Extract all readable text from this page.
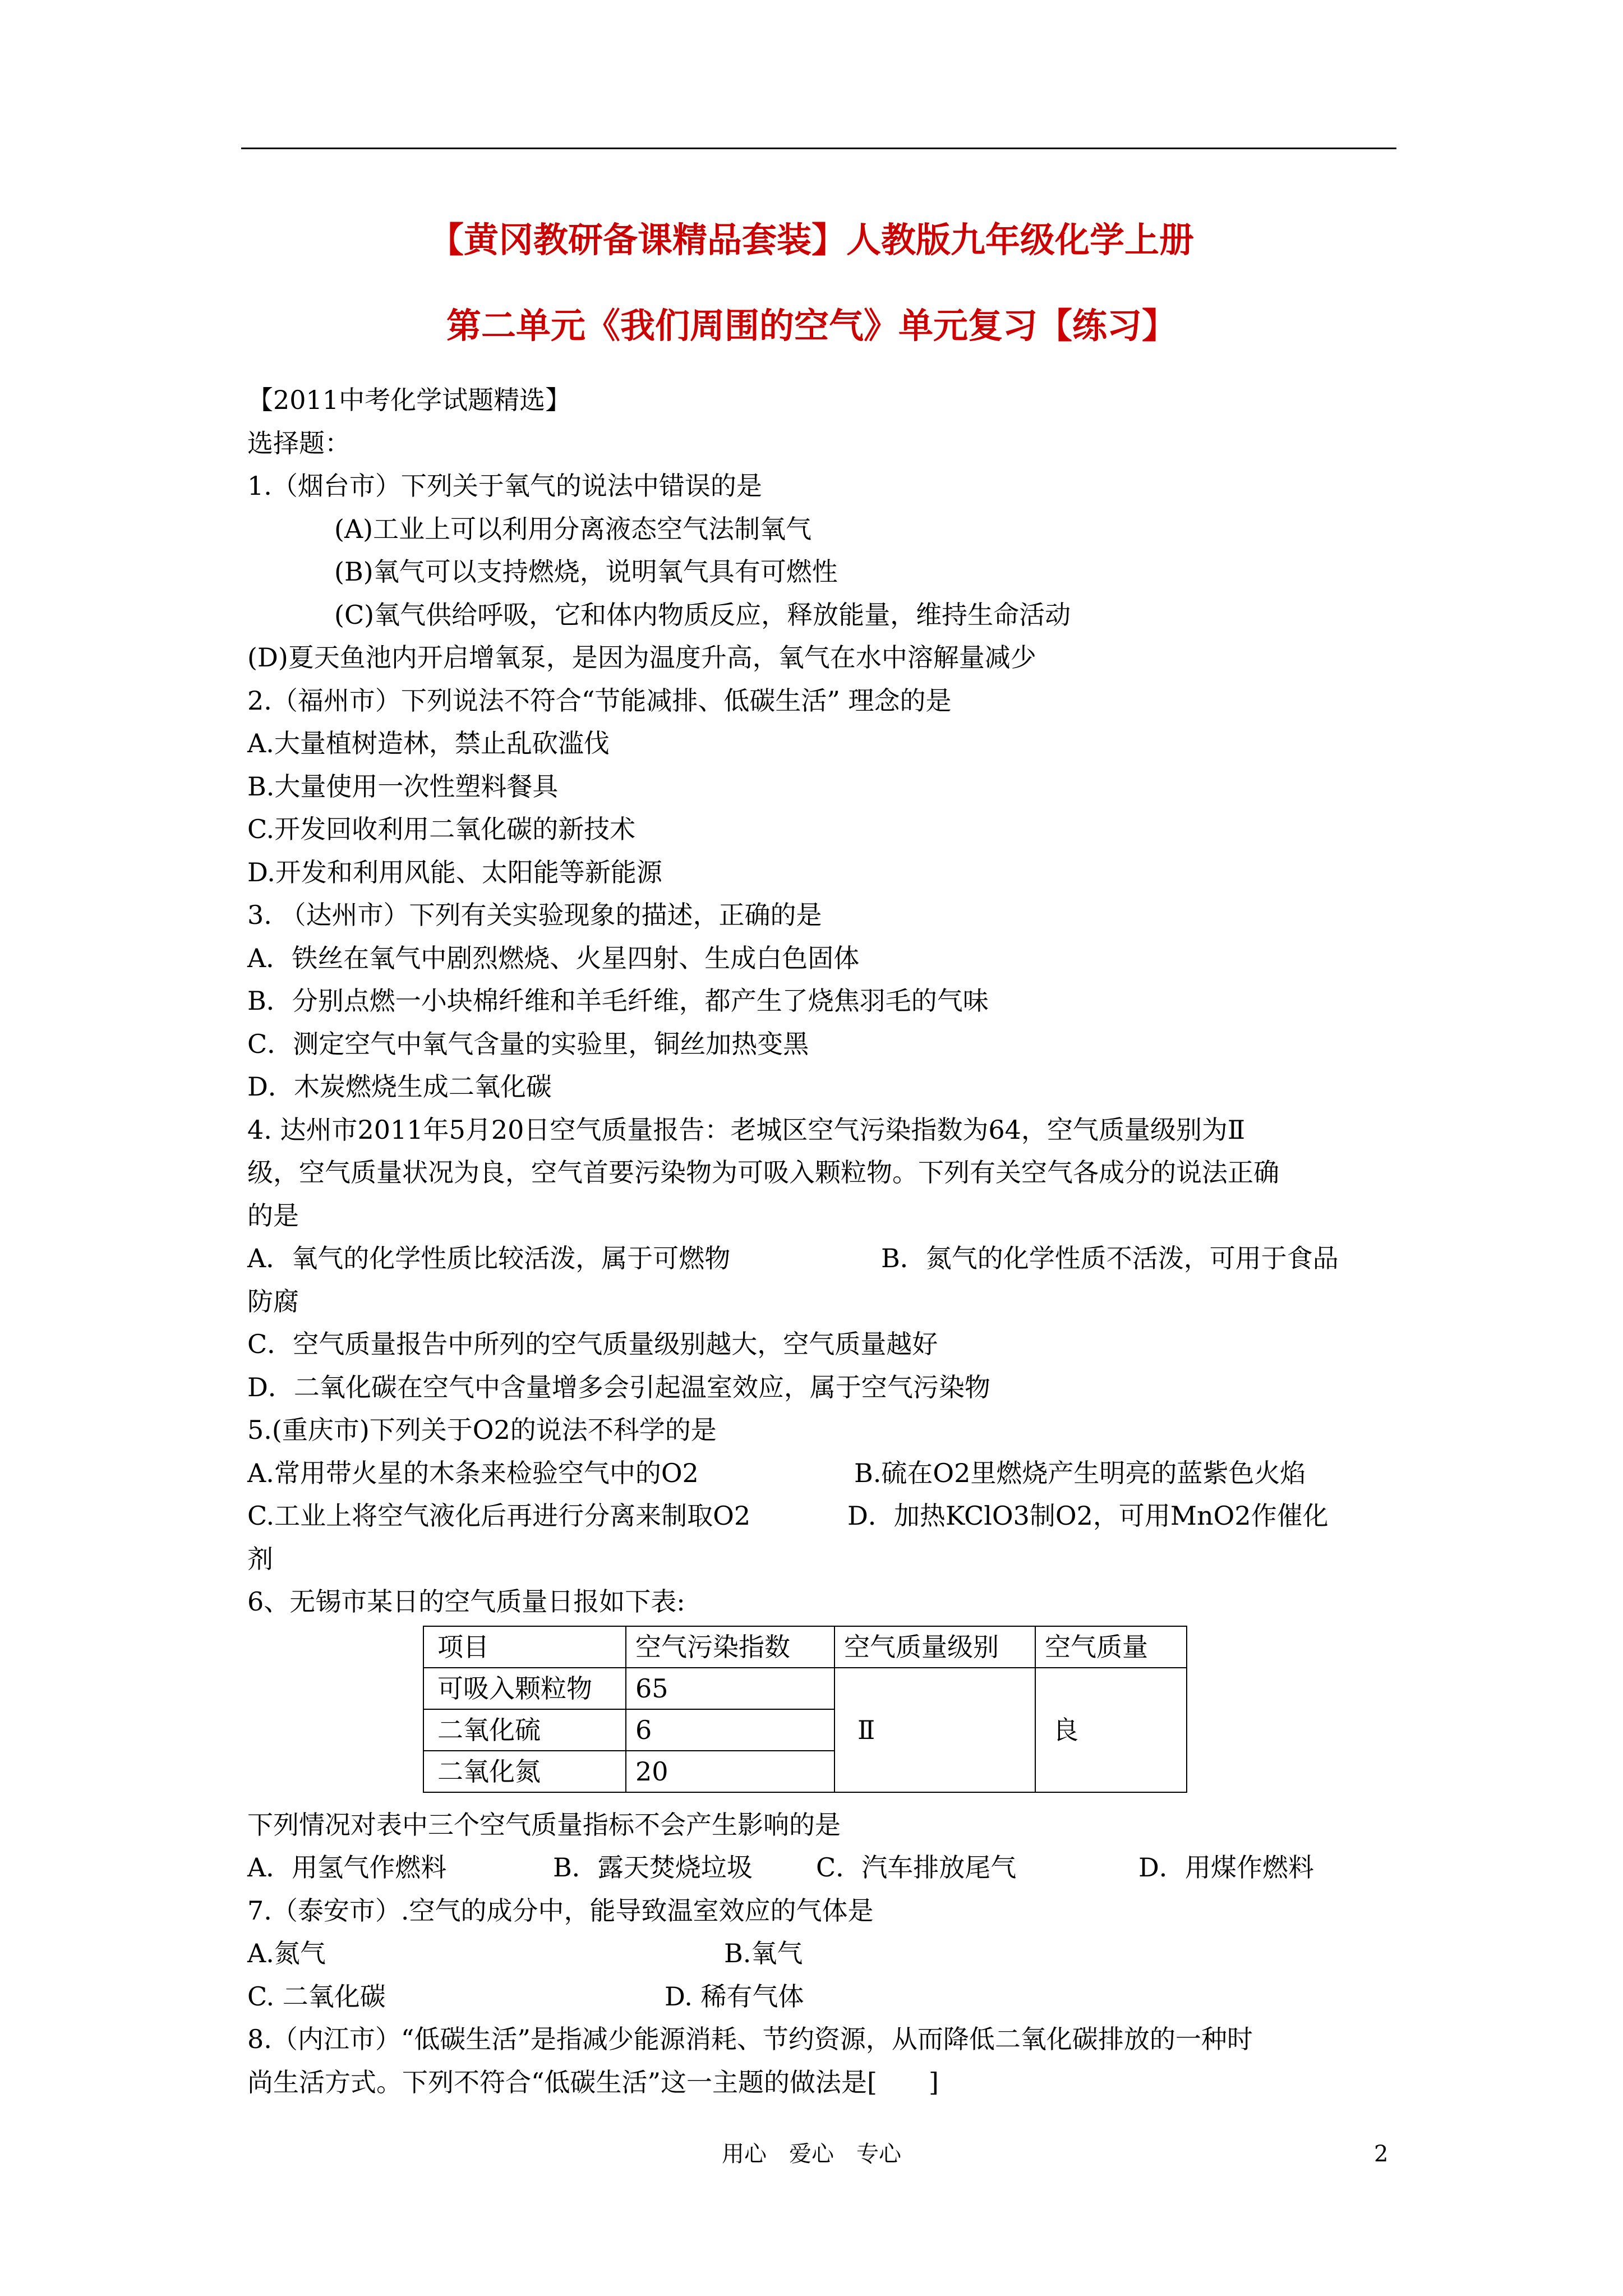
【黄冈教研备课精品套装】人教版九年级化学上册
第二单元《我们周围的空气》单元复习【练习】
【2011中考化学试题精选】
选择题：
1.（烟台市）下列关于氧气的说法中错误的是
(A)工业上可以利用分离液态空气法制氧气
(B)氧气可以支持燃烧，说明氧气具有可燃性
(C)氧气供给呼吸，它和体内物质反应，释放能量，维持生命活动
(D)夏天鱼池内开启增氧泵，是因为温度升高，氧气在水中溶解量减少
2.（福州市）下列说法不符合“节能减排、低碳生活” 理念的是
A.大量植树造林，禁止乱砍滥伐
B.大量使用一次性塑料餐具
C.开发回收利用二氧化碳的新技术
D.开发和利用风能、太阳能等新能源
3. （达州市）下列有关实验现象的描述，正确的是
A．铁丝在氧气中剧烈燃烧、火星四射、生成白色固体
B．分别点燃一小块棉纤维和羊毛纤维，都产生了烧焦羽毛的气味
C．测定空气中氧气含量的实验里，铜丝加热变黑
D．木炭燃烧生成二氧化碳
4. 达州市2011年5月20日空气质量报告：老城区空气污染指数为64，空气质量级别为Ⅱ
级，空气质量状况为良，空气首要污染物为可吸入颗粒物。下列有关空气各成分的说法正确
的是
A．氧气的化学性质比较活泼，属于可燃物	B．氮气的化学性质不活泼，可用于食品
防腐
C．空气质量报告中所列的空气质量级别越大，空气质量越好
D．二氧化碳在空气中含量增多会引起温室效应，属于空气污染物
5.(重庆市)下列关于O2的说法不科学的是
A.常用带火星的木条来检验空气中的O2	B.硫在O2里燃烧产生明亮的蓝紫色火焰
C.工业上将空气液化后再进行分离来制取O2	D．加热KClO3制O2，可用MnO2作催化
剂
6、无锡市某日的空气质量日报如下表:
项目	空气污染指数	空气质量级别	空气质量
可吸入颗粒物	65	Ⅱ	良
二氧化硫	6		
二氧化氮	20		
下列情况对表中三个空气质量指标不会产生影响的是
A．用氢气作燃料	B．露天焚烧垃圾 C．汽车排放尾气	D．用煤作燃料
7.（泰安市）.空气的成分中，能导致温室效应的气体是
A.氮气	B.氧气
C. 二氧化碳	D. 稀有气体
8.（内江市）“低碳生活”是指减少能源消耗、节约资源，从而降低二氧化碳排放的一种时
尚生活方式。下列不符合“低碳生活”这一主题的做法是[　　]
用心　爱心　专心	2
